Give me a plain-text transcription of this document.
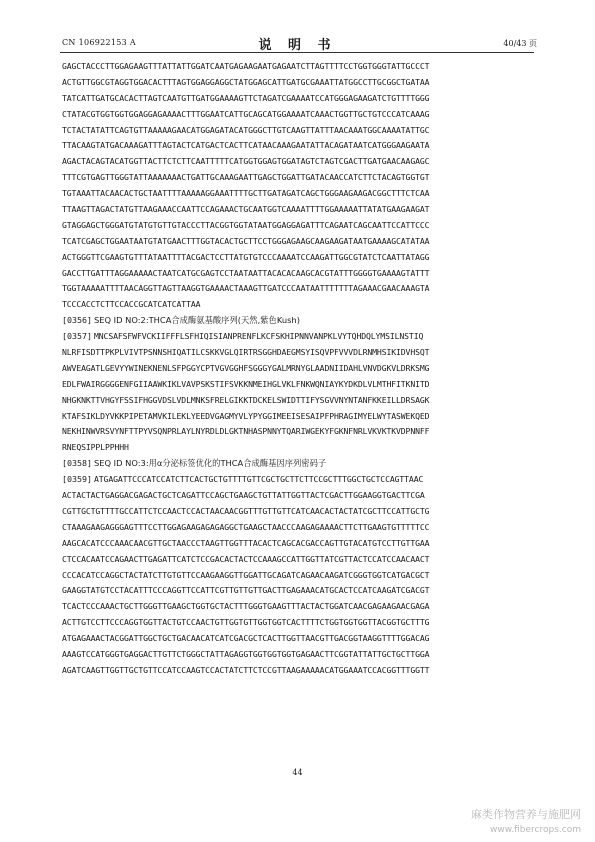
CN 106922153 A	说 明 书	40/43 页
GAGCTACCCTTGGAGAAGTTTATTATTGGATCAATGAGAAGAATGAGAATCTTAGTTTTCCTGGTGGGTATTGCCCT
ACTGTTGGCGTAGGTGGACACTTTAGTGGAGGAGGCTATGGAGCATTGATGCGAAATTATGGCCTTGCGGCTGATAA
TATCATTGATGCACACTTAGTCAATGTTGATGGAAAAGTTCTAGATCGAAAATCCATGGGAGAAGATCTGTTTTGGG
CTATACGTGGTGGTGGAGGAGAAAACTTTGGAATCATTGCAGCATGGAAAATCAAACTGGTTGCTGTCCCATCAAAG
TCTACTATATTCAGTGTTAAAAAGAACATGGAGATACATGGGCTTGTCAAGTTATTTAACAAATGGCAAAATATTGC
TTACAAGTATGACAAAGATTTAGTACTCATGACTCACTTCATAACAAAGAATATTACAGATAATCATGGGAAGAATA
AGACTACAGTACATGGTTACTTCTCTTCAATTTTTCATGGTGGAGTGGATAGTCTAGTCGACTTGATGAACAAGAGC
TTTCGTGAGTTGGGTATTAAAAAAACTGATTGCAAAGAATTGAGCTGGATTGATACAACCATCTTCTACAGTGGTGT
TGTAAATTACAACACTGCTAATTTTAAAAAGGAAATTTTGCTTGATAGATCAGCTGGGAAGAAGACGGCTTTCTCAA
TTAAGTTAGACTATGTTAAGAAACCAATTCCAGAAACTGCAATGGTCAAAATTTTGGAAAAATTATATGAAGAAGAT
GTAGGAGCTGGGATGTATGTGTTGTACCCTTACGGTGGTATAATGGAGGAGATTTCAGAATCAGCAATTCCATTCCC
TCATCGAGCTGGAATAATGTATGAACTTTGGTACACTGCTTCCTGGGAGAAGCAAGAAGATAATGAAAAGCATATAA
ACTGGGTTCGAAGTGTTTATAATTTTACGACTCCTTATGTGTCCCAAAATCCAAGATTGGCGTATCTCAATTATAGG
GACCTTGATTTAGGAAAAACTAATCATGCGAGTCCTAATAATTACACACAAGCACGTATTTGGGGTGAAAAGTATTT
TGGTAAAAATTTTAACAGGTTAGTTAAGGTGAAAACTAAAGTTGATCCCAATAATTTTTTTAGAAACGAACAAAGTA
TCCCACCTCTTCCACCGCATCATCATTAA
[0356] SEQ ID NO:2:THCA合成酶氨基酸序列(天然,紫色Kush)
[0357] MNCSAFSFWFVCKIIFFFLSFHIQISIANPRENFLKCFSKHIPNNVANPKLVYTQHDQLYMSILNSTIQ
NLRFISDTTPKPLVIVTPSNNSHIQATILCSKKVGLQIRTRSGGHDAEGMSYISQVPFVVVDLRNMHSIKIDVHSQT
AWVEAGATLGEVYYWINEKNENLSFPGGYCPTVGVGGHFSGGGYGALMRNYGLAADNIIDAHLVNVDGKVLDRKSMG
EDLFWAIRGGGGENFGIIAAWKIKLVAVPSKSTIFSVKKNMEIHGLVKLFNKWQNIAYKYDKDLVLMTHFITKNITD
NHGKNKTTVHGYFSSIFHGGVDSLVDLMNKSFRELGIKKTDCKELSWIDTTIFYSGVVNYNTANFKKEILLDRSAGK
KTAFSIKLDYVKKPIPETAMVKILEKLYEEDVGAGMYVLYPYGGIMEEISESAIPFPHRAGIMYELWYTASWEKQED
NEKHINWVRSVYNFTTPYVSQNPRLAYLNYRDLDLGKTNHASPNNYTQARIWGEKYFGKNFNRLVKVKTKVDPNNFF
RNEQSIPPLPPHHH
[0358] SEQ ID NO:3:用α分泌标签优化的THCA合成酶基因序列密码子
[0359] ATGAGATTCCCATCCATCTTCACTGCTGTTTTGTTCGCTGCTTCTTCCGCTTTGGCTGCTCCAGTTAAC
ACTACTACTGAGGACGAGACTGCTCAGATTCCAGCTGAAGCTGTTATTGGTTACTCGACTTGGAAGGTGACTTCGA
CGTTGCTGTTTTGCCATTCTCCAACTCCACTAACAACGGTTTGTTGTTCATCAACACTACTATCGCTTCCATTGCTG
CTAAAGAAGAGGGAGTTTCCTTGGAGAAGAGAGAGGCTGAAGCTAACCCAAGAGAAAACTTCTTGAAGTGTTTTTCC
AAGCACATCCCAAACAACGTTGCTAACCCTAAGTTGGTTTACACTCAGCACGACCAGTTGTACATGTCCTTGTTGAA
CTCCACAATCCAGAACTTGAGATTCATCTCCGACACTACTCCAAAGCCATTGGTTATCGTTACTCCATCCAACAACT
CCCACATCCAGGCTACTATCTTGTGTTCCAAGAAGGTTGGATTGCAGATCAGAACAAGATCGGGTGGTCATGACGCT
GAAGGTATGTCCTACATTTCCCAGGTTCCATTCGTTGTTGTTGACTTGAGAAACATGCACTCCATCAAGATCGACGT
TCACTCCCAAACTGCTTGGGTTGAAGCTGGTGCTACTTTGGGTGAAGTTTACTACTGGATCAACGAGAAGAACGAGA
ACTTGTCCTTCCCAGGTGGTTACTGTCCAACTGTTGGTGTTGGTGGTCACTTTTCTGGTGGTGGTTACGGTGCTTTG
ATGAGAAACTACGGATTGGCTGCTGACAACATCATCGACGCTCACTTGGTTAACGTTGACGGTAAGGTTTTGGACAG
AAAGTCCATGGGTGAGGACTTGTTCTGGGCTATTAGAGGTGGTGGTGGTGAGAACTTCGGTATTATTGCTGCTTGGA
AGATCAAGTTGGTTGCTGTTCCATCCAAGTCCACTATCTTCTCCGTTAAGAAAAACATGGAAATCCACGGTTTGGTT
44
麻类作物营养与施肥网
www.fibercrops.com
